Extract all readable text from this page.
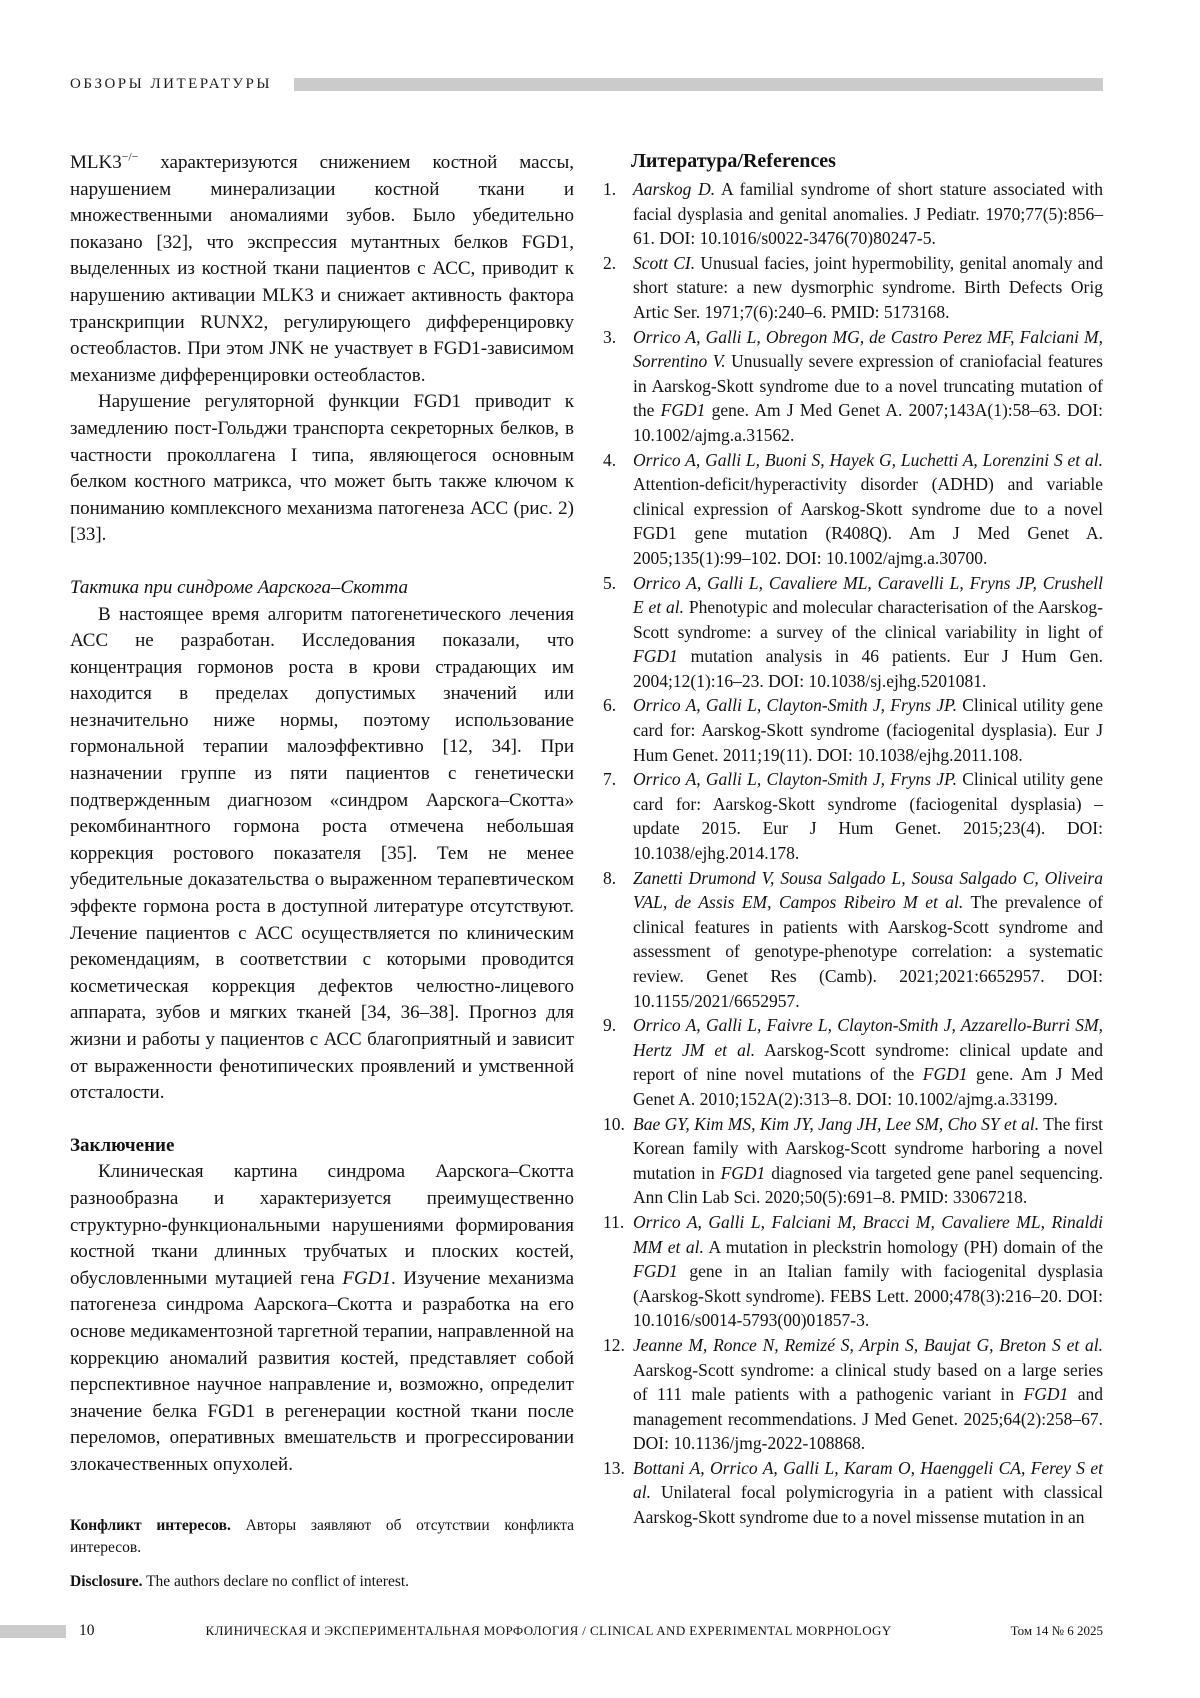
ОБЗОРЫ ЛИТЕРАТУРЫ
MLK3−/− характеризуются снижением костной массы, нарушением минерализации костной ткани и множественными аномалиями зубов. Было убедительно показано [32], что экспрессия мутантных белков FGD1, выделенных из костной ткани пациентов с АСС, приводит к нарушению активации MLK3 и снижает активность фактора транскрипции RUNX2, регулирующего дифференцировку остеобластов. При этом JNK не участвует в FGD1-зависимом механизме дифференцировки остеобластов.
Нарушение регуляторной функции FGD1 приводит к замедлению пост-Гольджи транспорта секреторных белков, в частности проколлагена I типа, являющегося основным белком костного матрикса, что может быть также ключом к пониманию комплексного механизма патогенеза АСС (рис. 2) [33].
Тактика при синдроме Аарскога–Скотта
В настоящее время алгоритм патогенетического лечения АСС не разработан. Исследования показали, что концентрация гормонов роста в крови страдающих им находится в пределах допустимых значений или незначительно ниже нормы, поэтому использование гормональной терапии малоэффективно [12, 34]. При назначении группе из пяти пациентов с генетически подтвержденным диагнозом «синдром Аарскога–Скотта» рекомбинантного гормона роста отмечена небольшая коррекция ростового показателя [35]. Тем не менее убедительные доказательства о выраженном терапевтическом эффекте гормона роста в доступной литературе отсутствуют. Лечение пациентов с АСС осуществляется по клиническим рекомендациям, в соответствии с которыми проводится косметическая коррекция дефектов челюстно-лицевого аппарата, зубов и мягких тканей [34, 36–38]. Прогноз для жизни и работы у пациентов с АСС благоприятный и зависит от выраженности фенотипических проявлений и умственной отсталости.
Заключение
Клиническая картина синдрома Аарскога–Скотта разнообразна и характеризуется преимущественно структурно-функциональными нарушениями формирования костной ткани длинных трубчатых и плоских костей, обусловленными мутацией гена FGD1. Изучение механизма патогенеза синдрома Аарскога–Скотта и разработка на его основе медикаментозной таргетной терапии, направленной на коррекцию аномалий развития костей, представляет собой перспективное научное направление и, возможно, определит значение белка FGD1 в регенерации костной ткани после переломов, оперативных вмешательств и прогрессировании злокачественных опухолей.
Конфликт интересов. Авторы заявляют об отсутствии конфликта интересов.
Disclosure. The authors declare no conflict of interest.
Литература/References
1. Aarskog D. A familial syndrome of short stature associated with facial dysplasia and genital anomalies. J Pediatr. 1970;77(5):856–61. DOI: 10.1016/s0022-3476(70)80247-5.
2. Scott CI. Unusual facies, joint hypermobility, genital anomaly and short stature: a new dysmorphic syndrome. Birth Defects Orig Artic Ser. 1971;7(6):240–6. PMID: 5173168.
3. Orrico A, Galli L, Obregon MG, de Castro Perez MF, Falciani M, Sorrentino V. Unusually severe expression of craniofacial features in Aarskog-Skott syndrome due to a novel truncating mutation of the FGD1 gene. Am J Med Genet A. 2007;143A(1):58–63. DOI: 10.1002/ajmg.a.31562.
4. Orrico A, Galli L, Buoni S, Hayek G, Luchetti A, Lorenzini S et al. Attention-deficit/hyperactivity disorder (ADHD) and variable clinical expression of Aarskog-Skott syndrome due to a novel FGD1 gene mutation (R408Q). Am J Med Genet A. 2005;135(1):99–102. DOI: 10.1002/ajmg.a.30700.
5. Orrico A, Galli L, Cavaliere ML, Caravelli L, Fryns JP, Crushell E et al. Phenotypic and molecular characterisation of the Aarskog-Scott syndrome: a survey of the clinical variability in light of FGD1 mutation analysis in 46 patients. Eur J Hum Gen. 2004;12(1):16–23. DOI: 10.1038/sj.ejhg.5201081.
6. Orrico A, Galli L, Clayton-Smith J, Fryns JP. Clinical utility gene card for: Aarskog-Skott syndrome (faciogenital dysplasia). Eur J Hum Genet. 2011;19(11). DOI: 10.1038/ejhg.2011.108.
7. Orrico A, Galli L, Clayton-Smith J, Fryns JP. Clinical utility gene card for: Aarskog-Skott syndrome (faciogenital dysplasia) – update 2015. Eur J Hum Genet. 2015;23(4). DOI: 10.1038/ejhg.2014.178.
8. Zanetti Drumond V, Sousa Salgado L, Sousa Salgado C, Oliveira VAL, de Assis EM, Campos Ribeiro M et al. The prevalence of clinical features in patients with Aarskog-Scott syndrome and assessment of genotype-phenotype correlation: a systematic review. Genet Res (Camb). 2021;2021:6652957. DOI: 10.1155/2021/6652957.
9. Orrico A, Galli L, Faivre L, Clayton-Smith J, Azzarello-Burri SM, Hertz JM et al. Aarskog-Scott syndrome: clinical update and report of nine novel mutations of the FGD1 gene. Am J Med Genet A. 2010;152A(2):313–8. DOI: 10.1002/ajmg.a.33199.
10. Bae GY, Kim MS, Kim JY, Jang JH, Lee SM, Cho SY et al. The first Korean family with Aarskog-Scott syndrome harboring a novel mutation in FGD1 diagnosed via targeted gene panel sequencing. Ann Clin Lab Sci. 2020;50(5):691–8. PMID: 33067218.
11. Orrico A, Galli L, Falciani M, Bracci M, Cavaliere ML, Rinaldi MM et al. A mutation in pleckstrin homology (PH) domain of the FGD1 gene in an Italian family with faciogenital dysplasia (Aarskog-Skott syndrome). FEBS Lett. 2000;478(3):216–20. DOI: 10.1016/s0014-5793(00)01857-3.
12. Jeanne M, Ronce N, Remizé S, Arpin S, Baujat G, Breton S et al. Aarskog-Scott syndrome: a clinical study based on a large series of 111 male patients with a pathogenic variant in FGD1 and management recommendations. J Med Genet. 2025;64(2):258–67. DOI: 10.1136/jmg-2022-108868.
13. Bottani A, Orrico A, Galli L, Karam O, Haenggeli CA, Ferey S et al. Unilateral focal polymicrogyria in a patient with classical Aarskog-Skott syndrome due to a novel missense mutation in an
10	КЛИНИЧЕСКАЯ И ЭКСПЕРИМЕНТАЛЬНАЯ МОРФОЛОГИЯ / CLINICAL AND EXPERIMENTAL MORPHOLOGY	Том 14 № 6 2025
